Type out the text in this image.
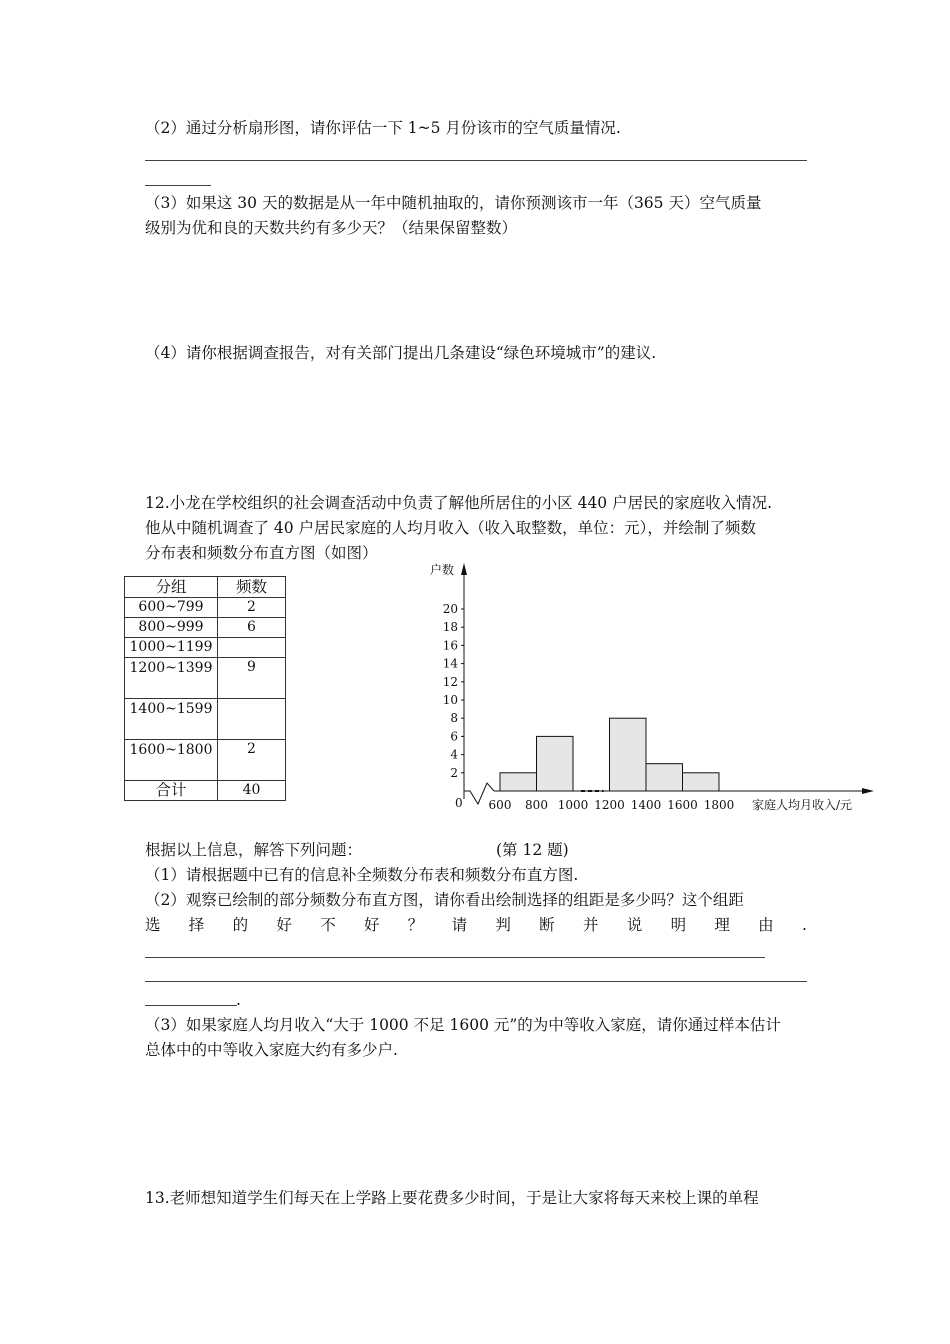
（2）通过分析扇形图，请你评估一下 1~5 月份该市的空气质量情况.
（3）如果这 30 天的数据是从一年中随机抽取的，请你预测该市一年（365 天）空气质量
级别为优和良的天数共约有多少天？（结果保留整数）
（4）请你根据调查报告，对有关部门提出几条建设“绿色环境城市”的建议.
12.小龙在学校组织的社会调查活动中负责了解他所居住的小区 440 户居民的家庭收入情况.
他从中随机调查了 40 户居民家庭的人均月收入（收入取整数，单位：元），并绘制了频数
分布表和频数分布直方图（如图）
分组	频数
600~799	2
800~999	6
1000~1199	
1200~1399	9
1400~1599	
1600~1800	2
合计	40
户数
0
2
4
6
8
10
12
14
16
18
20
600 800 1000 1200 1400 1600 1800 家庭人均月收入/元
根据以上信息，解答下列问题：	(第 12 题)
（1）请根据题中已有的信息补全频数分布表和频数分布直方图.
（2）观察已绘制的部分频数分布直方图，请你看出绘制选择的组距是多少吗？这个组距
选 择 的 好 不 好 ？ 请 判 断 并 说 明 理 由 .
.
（3）如果家庭人均月收入“大于 1000 不足 1600 元”的为中等收入家庭，请你通过样本估计
总体中的中等收入家庭大约有多少户.
13.老师想知道学生们每天在上学路上要花费多少时间，于是让大家将每天来校上课的单程
